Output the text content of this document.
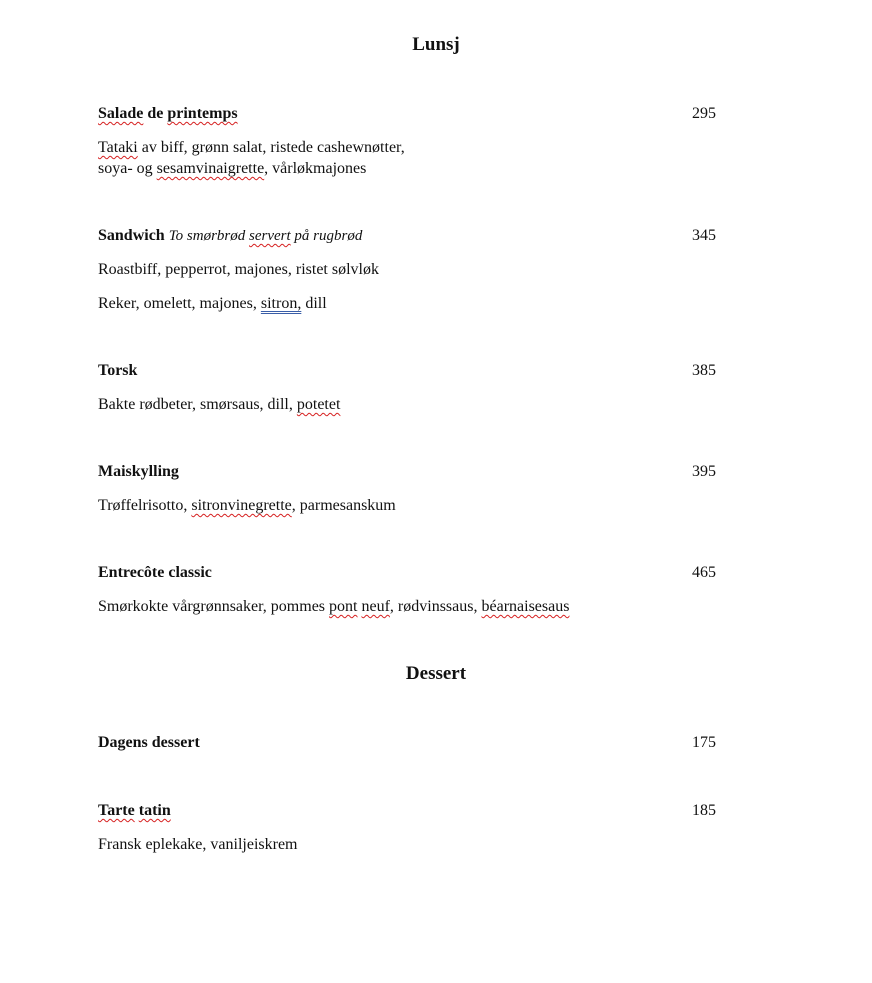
Lunsj
Salade de printemps	295
Tataki av biff, grønn salat, ristede cashewnøtter,
soya- og sesamvinaigrette, vårløkmajones
Sandwich To smørbrød servert på rugbrød	345
Roastbiff, pepperrot, majones, ristet sølvløk
Reker, omelett, majones, sitron, dill
Torsk	385
Bakte rødbeter, smørsaus, dill, potetet
Maiskylling	395
Trøffelrisotto, sitronvinegrette, parmesanskum
Entrecôte classic	465
Smørkokte vårgrønnsaker, pommes pont neuf, rødvinssaus, béarnaisesaus
Dessert
Dagens dessert	175
Tarte tatin	185
Fransk eplekake, vaniljeiskrem
